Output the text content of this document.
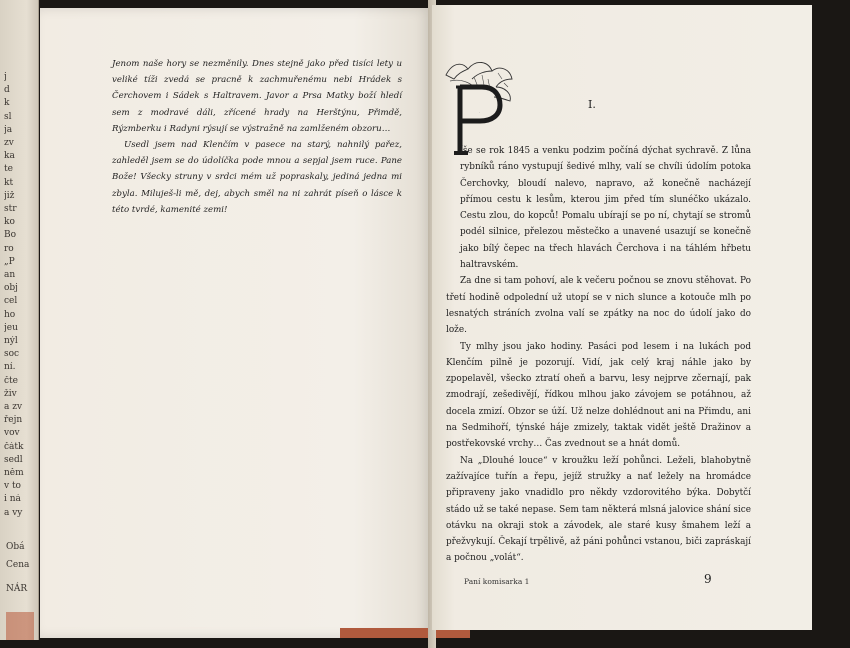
j
d
k
sl
ja
zv
ka
te
kt
již
str
ko
Bo
ro
„P
an
obj
cel
ho
jeu
nýl
soc
ní.
čte
živ
a zv
řejn
vov
čátk
sedl
něm
v to
i ná
a vy
Obá
Cena
NÁR

Jenom naše hory se nezměnily. Dnes stejně jako před tisíci lety u veliké tíži zvedá se pracně k zachmuřenému nebi Hrádek s Čerchovem i Sádek s Haltravem. Javor a Prsa Matky boží hledí sem z modravé dáli, zřícené hrady na Herštýnu, Přimdě, Rýzmberku i Radyni rýsují se výstražně na zamlženém obzoru…

Usedl jsem nad Klenčím v pasece na starý, nahnilý pařez, zahleděl jsem se do údolíčka pode mnou a sepjal jsem ruce. Pane Bože! Všecky struny v srdci mém už popraskaly, jediná jedna mi zbyla. Miluješ-li mě, dej, abych směl na ni zahrát píseň o lásce k této tvrdé, kamenité zemi!

P
I.

íše se rok 1845 a venku podzim počíná dýchat sychravě. Z lůna rybníků ráno vystupují šedivé mlhy, valí se chvíli údolím potoka Čerchovky, bloudí nalevo, napravo, až konečně nacházejí přímou cestu k lesům, kterou jim před tím slunéčko ukázalo. Cestu zlou, do kopců! Pomalu ubírají se po ní, chytají se stromů podél silnice, přelezou městečko a unavené usazují se konečně jako bílý čepec na třech hlavách Čerchova i na táhlém hřbetu haltravském.

Za dne si tam pohoví, ale k večeru počnou se znovu stěhovat. Po třetí hodině odpolední už utopí se v nich slunce a kotouče mlh po lesnatých stráních zvolna valí se zpátky na noc do údolí jako do lože.

Ty mlhy jsou jako hodiny. Pasáci pod lesem i na lukách pod Klenčím pilně je pozorují. Vidí, jak celý kraj náhle jako by zpopelavěl, všecko ztratí oheň a barvu, lesy nejprve zčernají, pak zmodrají, zešedivějí, řídkou mlhou jako závojem se potáhnou, až docela zmizí. Obzor se úží. Už nelze dohlédnout ani na Přimdu, ani na Sedmihoří, týnské háje zmizely, taktak vidět ještě Dražinov a postřekovské vrchy… Čas zvednout se a hnát domů.

Na „Dlouhé louce“ v kroužku leží pohůnci. Leželi, blahobytně zažívajíce tuřín a řepu, jejíž stružky a nať ležely na hromádce připraveny jako vnadidlo pro někdy vzdorovitého býka. Dobytčí stádo už se také nepase. Sem tam některá mlsná jalovice shání sice otávku na okraji stok a závodek, ale staré kusy šmahem leží a přežvykují. Čekají trpělivě, až páni pohůnci vstanou, biči zapráskají a počnou „volát“.

Paní komisarka 1	9
